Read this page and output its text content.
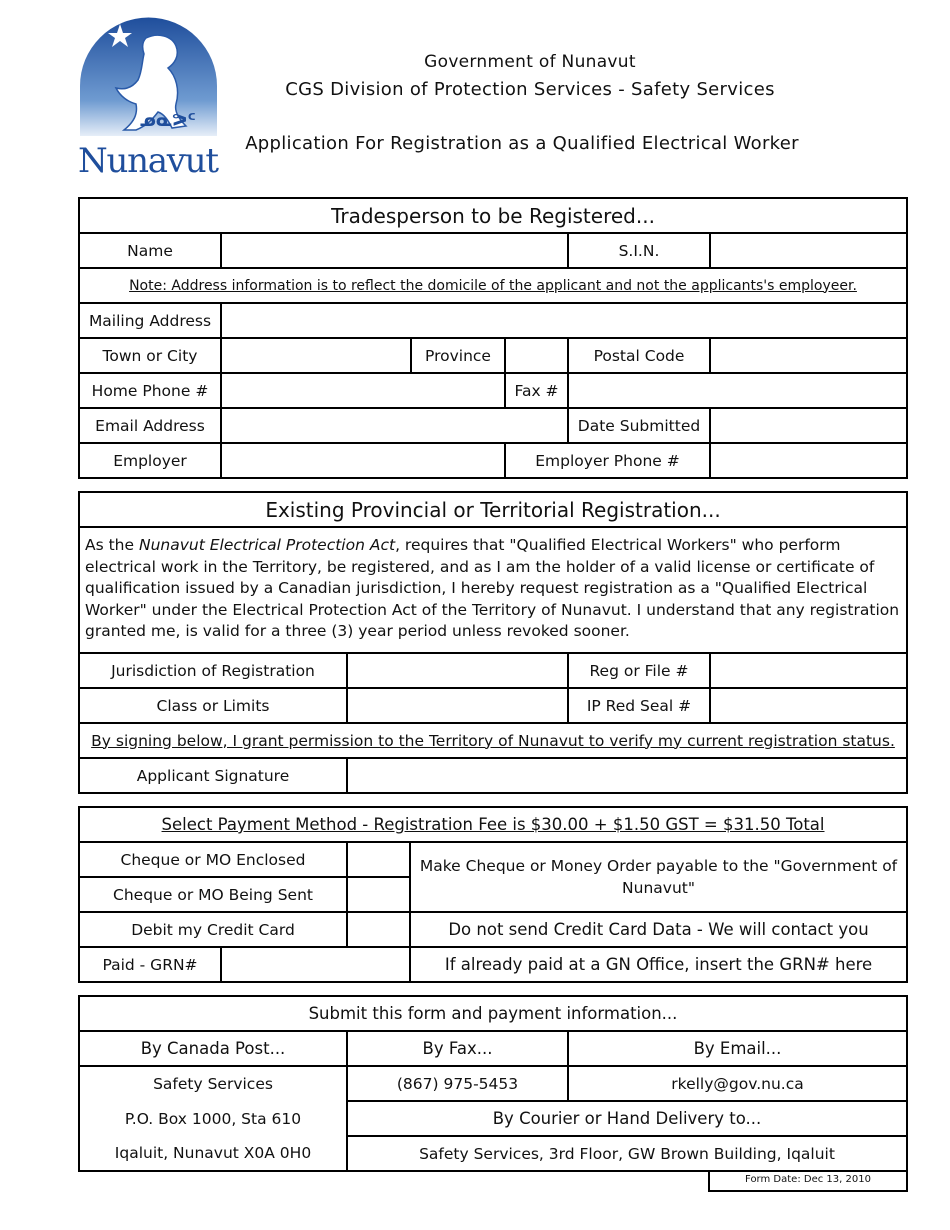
ᓄᓇᕗᑦ
Nunavut
Government of Nunavut
CGS Division of Protection Services - Safety Services
Application For Registration as a Qualified Electrical Worker
Tradesperson to be Registered...					
Name				S.I.N.	
Note: Address information is to reflect the domicile of the applicant and not the applicants's employeer.					
Mailing Address					
Town or City		Province		Postal Code	
Home Phone #			Fax #		
Email Address				Date Submitted	
Employer			Employer Phone #		
Existing Provincial or Territorial Registration...			
As the Nunavut Electrical Protection Act, requires that "Qualified Electrical Workers" who perform electrical work in the Territory, be registered, and as I am the holder of a valid license or certificate of qualification issued by a Canadian jurisdiction, I hereby request registration as a "Qualified Electrical Worker" under the Electrical Protection Act of the Territory of Nunavut. I understand that any registration granted me, is valid for a three (3) year period unless revoked sooner.			
Jurisdiction of Registration		Reg or File #	
Class or Limits		IP Red Seal #	
By signing below, I grant permission to the Territory of Nunavut to verify my current registration status.			
Applicant Signature			
Select Payment Method - Registration Fee is $30.00 + $1.50 GST = $31.50 Total			
Cheque or MO Enclosed			Make Cheque or Money Order payable to the "Government of Nunavut"
Cheque or MO Being Sent			
Debit my Credit Card			Do not send Credit Card Data - We will contact you
Paid - GRN#			If already paid at a GN Office, insert the GRN# here
Submit this form and payment information...		
By Canada Post...	By Fax...	By Email...
Safety Services	(867) 975-5453	rkelly@gov.nu.ca
P.O. Box 1000, Sta 610	By Courier or Hand Delivery to...	
Iqaluit, Nunavut X0A 0H0	Safety Services, 3rd Floor, GW Brown Building, Iqaluit	
Form Date: Dec 13, 2010
